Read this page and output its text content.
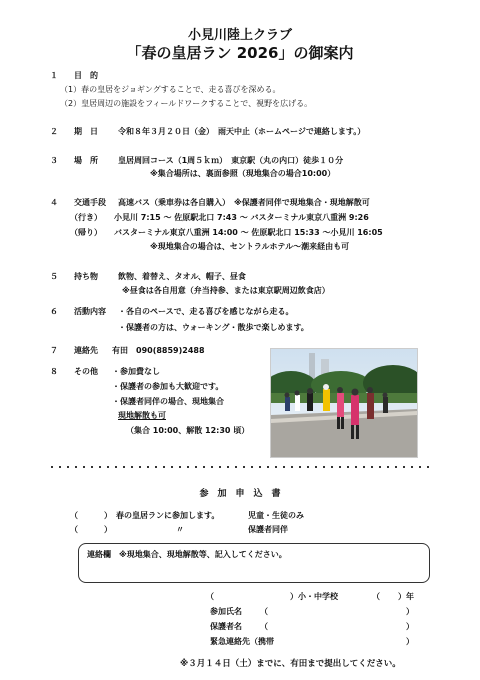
小見川陸上クラブ
「春の皇居ラン 2026」の御案内
１ 目　的
（1）春の皇居をジョギングすることで、走る喜びを深める。
（2）皇居周辺の施設をフィールドワークすることで、視野を広げる。
２ 期　日	令和８年３月２０日（金）　雨天中止（ホームページで連絡します。）
３ 場　所	皇居周回コース（1周５ｋｍ）　東京駅（丸の内口）徒歩１０分
※集合場所は、裏面参照（現地集合の場合10:00）
４ 交通手段 高速バス（乗車券は各自購入）　※保護者同伴で現地集合・現地解散可
（行き） 小見川 7:15 ～ 佐原駅北口 7:43 ～ バスターミナル東京八重洲 9:26
（帰り） バスターミナル東京八重洲 14:00 ～ 佐原駅北口 15:33 ～小見川 16:05
※現地集合の場合は、セントラルホテル～潮来経由も可
５ 持ち物	飲物、着替え、タオル、帽子、昼食
※昼食は各自用意（弁当持参、または東京駅周辺飲食店）
６ 活動内容 ・各自のペースで、走る喜びを感じながら走る。
・保護者の方は、ウォーキング・散歩で楽しめます。
７ 連絡先 有田　090(8859)2488
８ その他 ・参加費なし
・保護者の参加も大歓迎です。
・保護者同伴の場合、現地集合
現地解散も可
（集合 10:00、解散 12:30 頃）
参　加　申　込　書
（	） 春の皇居ランに参加します。	児童・生徒のみ
（	）	〃	保護者同伴
連絡欄　※現地集合、現地解散等、記入してください。
（	）小・中学校	（ ）年
参加氏名 （	）
保護者名 （	）
緊急連絡先（携帯	）
※３月１４日（土）までに、有田まで提出してください。
